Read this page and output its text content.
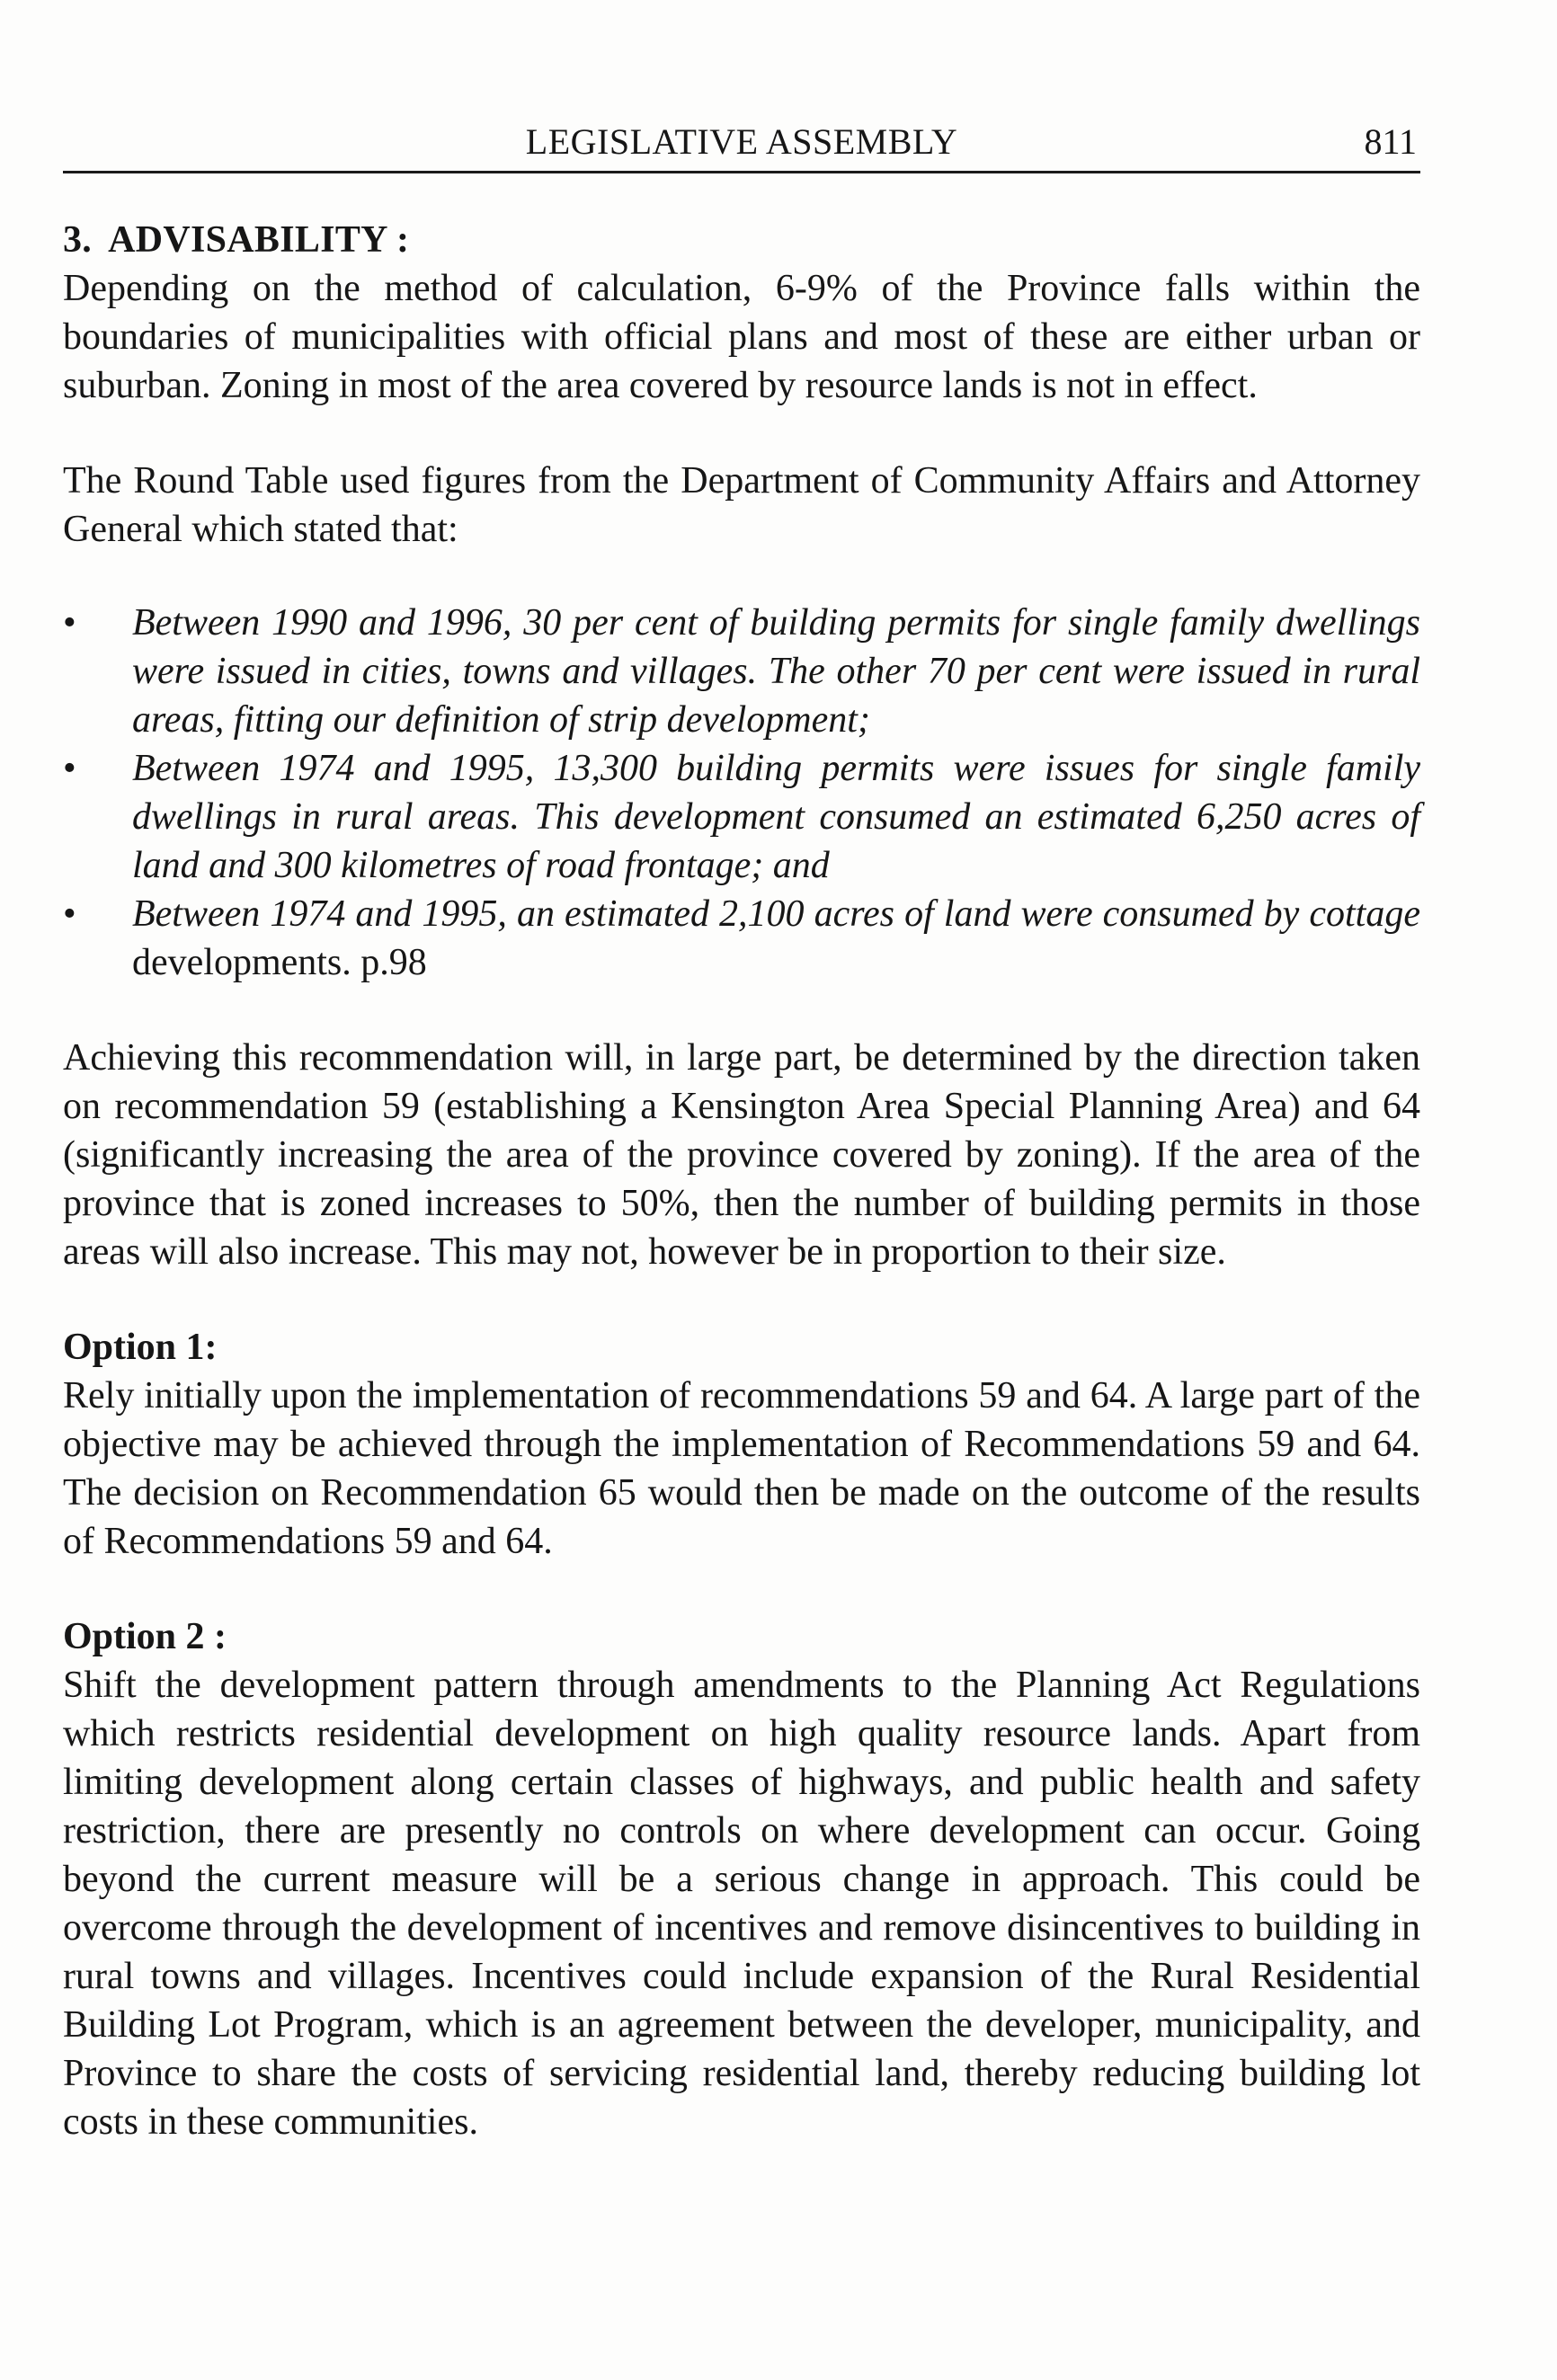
LEGISLATIVE ASSEMBLY	811
3. ADVISABILITY :

Depending on the method of calculation, 6-9% of the Province falls within the boundaries of municipalities with official plans and most of these are either urban or suburban. Zoning in most of the area covered by resource lands is not in effect.

The Round Table used figures from the Department of Community Affairs and Attorney General which stated that:

•	Between 1990 and 1996, 30 per cent of building permits for single family dwellings were issued in cities, towns and villages. The other 70 per cent were issued in rural areas, fitting our definition of strip development;
•	Between 1974 and 1995, 13,300 building permits were issues for single family dwellings in rural areas. This development consumed an estimated 6,250 acres of land and 300 kilometres of road frontage; and
•	Between 1974 and 1995, an estimated 2,100 acres of land were consumed by cottage developments. p.98

Achieving this recommendation will, in large part, be determined by the direction taken on recommendation 59 (establishing a Kensington Area Special Planning Area) and 64 (significantly increasing the area of the province covered by zoning). If the area of the province that is zoned increases to 50%, then the number of building permits in those areas will also increase. This may not, however be in proportion to their size.

Option 1:

Rely initially upon the implementation of recommendations 59 and 64. A large part of the objective may be achieved through the implementation of Recommendations 59 and 64. The decision on Recommendation 65 would then be made on the outcome of the results of Recommendations 59 and 64.

Option 2 :

Shift the development pattern through amendments to the Planning Act Regulations which restricts residential development on high quality resource lands. Apart from limiting development along certain classes of highways, and public health and safety restriction, there are presently no controls on where development can occur. Going beyond the current measure will be a serious change in approach. This could be overcome through the development of incentives and remove disincentives to building in rural towns and villages. Incentives could include expansion of the Rural Residential Building Lot Program, which is an agreement between the developer, municipality, and Province to share the costs of servicing residential land, thereby reducing building lot costs in these communities.
